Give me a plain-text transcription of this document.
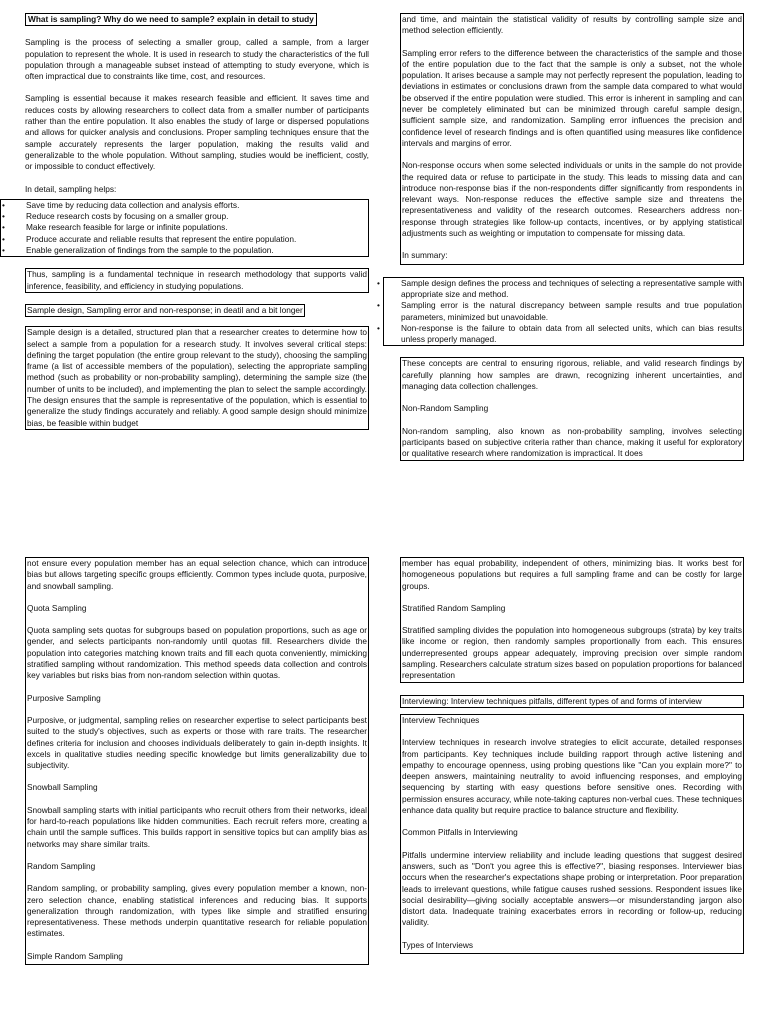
What is sampling? Why do we need to sample? explain in detail to study

Sampling is the process of selecting a smaller group, called a sample, from a larger population to represent the whole. It is used in research to study the characteristics of the full population through a manageable subset instead of attempting to study everyone, which is often impractical due to constraints like time, cost, and resources.

Sampling is essential because it makes research feasible and efficient. It saves time and reduces costs by allowing researchers to collect data from a smaller number of participants rather than the entire population. It also enables the study of large or dispersed populations and allows for quicker analysis and conclusions. Proper sampling techniques ensure that the sample accurately represents the larger population, making the results valid and generalizable to the whole population. Without sampling, studies would be inefficient, costly, or impossible to conduct effectively.

In detail, sampling helps:

• Save time by reducing data collection and analysis efforts.
• Reduce research costs by focusing on a smaller group.
• Make research feasible for large or infinite populations.
• Produce accurate and reliable results that represent the entire population.
• Enable generalization of findings from the sample to the population.
Thus, sampling is a fundamental technique in research methodology that supports valid inference, feasibility, and efficiency in studying populations.
Sample design, Sampling error and non-response; in deatil and a bit longer
Sample design is a detailed, structured plan that a researcher creates to determine how to select a sample from a population for a research study. It involves several critical steps: defining the target population (the entire group relevant to the study), choosing the sampling frame (a list of accessible members of the population), selecting the appropriate sampling method (such as probability or non-probability sampling), determining the sample size (the number of units to be included), and implementing the plan to select the sample accordingly. The design ensures that the sample is representative of the population, which is essential to generalize the study findings accurately and reliably. A good sample design should minimize bias, be feasible within budget

and time, and maintain the statistical validity of results by controlling sample size and method selection efficiently.

Sampling error refers to the difference between the characteristics of the sample and those of the entire population due to the fact that the sample is only a subset, not the whole population. It arises because a sample may not perfectly represent the population, leading to deviations in estimates or conclusions drawn from the sample data compared to what would be observed if the entire population were studied. This error is inherent in sampling and can never be completely eliminated but can be minimized through careful sample design, sufficient sample size, and randomization. Sampling error influences the precision and confidence level of research findings and is often quantified using measures like confidence intervals and margins of error.

Non-response occurs when some selected individuals or units in the sample do not provide the required data or refuse to participate in the study. This leads to missing data and can introduce non-response bias if the non-respondents differ significantly from respondents in relevant ways. Non-response reduces the effective sample size and threatens the representativeness and validity of the research outcomes. Researchers address non-response through strategies like follow-up contacts, incentives, or by applying statistical adjustments such as weighting or imputation to compensate for missing data.

In summary:

• Sample design defines the process and techniques of selecting a representative sample with appropriate size and method.
• Sampling error is the natural discrepancy between sample results and true population parameters, minimized but unavoidable.
• Non-response is the failure to obtain data from all selected units, which can bias results unless properly managed.

These concepts are central to ensuring rigorous, reliable, and valid research findings by carefully planning how samples are drawn, recognizing inherent uncertainties, and managing data collection challenges.

Non-Random Sampling

Non-random sampling, also known as non-probability sampling, involves selecting participants based on subjective criteria rather than chance, making it useful for exploratory or qualitative research where randomization is impractical. It does

not ensure every population member has an equal selection chance, which can introduce bias but allows targeting specific groups efficiently. Common types include quota, purposive, and snowball sampling.

Quota Sampling

Quota sampling sets quotas for subgroups based on population proportions, such as age or gender, and selects participants non-randomly until quotas fill. Researchers divide the population into categories matching known traits and fill each quota conveniently, mimicking stratified sampling without randomization. This method speeds data collection and controls key variables but risks bias from non-random selection within quotas.

Purposive Sampling

Purposive, or judgmental, sampling relies on researcher expertise to select participants best suited to the study's objectives, such as experts or those with rare traits. The researcher defines criteria for inclusion and chooses individuals deliberately to gain in-depth insights. It excels in qualitative studies needing specific knowledge but limits generalizability due to subjectivity.

Snowball Sampling

Snowball sampling starts with initial participants who recruit others from their networks, ideal for hard-to-reach populations like hidden communities. Each recruit refers more, creating a chain until the sample suffices. This builds rapport in sensitive topics but can amplify bias as networks may share similar traits.

Random Sampling

Random sampling, or probability sampling, gives every population member a known, non-zero selection chance, enabling statistical inferences and reducing bias. It supports generalization through randomization, with types like simple and stratified ensuring representativeness. These methods underpin quantitative research for reliable population estimates.

Simple Random Sampling

member has equal probability, independent of others, minimizing bias. It works best for homogeneous populations but requires a full sampling frame and can be costly for large groups.

Stratified Random Sampling

Stratified sampling divides the population into homogeneous subgroups (strata) by key traits like income or region, then randomly samples proportionally from each. This ensures underrepresented groups appear adequately, improving precision over simple random sampling. Researchers calculate stratum sizes based on population proportions for balanced representation

Interviewing: Interview techniques pitfalls, different types of and forms of interview
Interview Techniques

Interview techniques in research involve strategies to elicit accurate, detailed responses from participants. Key techniques include building rapport through active listening and empathy to encourage openness, using probing questions like "Can you explain more?" to deepen answers, maintaining neutrality to avoid influencing responses, and employing sequencing by starting with easy questions before sensitive ones. Recording with permission ensures accuracy, while note-taking captures non-verbal cues. These techniques enhance data quality but require practice to balance structure and flexibility.

Common Pitfalls in Interviewing

Pitfalls undermine interview reliability and include leading questions that suggest desired answers, such as "Don't you agree this is effective?", biasing responses. Interviewer bias occurs when the researcher's expectations shape probing or interpretation. Poor preparation leads to irrelevant questions, while fatigue causes rushed sessions. Respondent issues like social desirability—giving socially acceptable answers—or misunderstanding jargon also distort data. Inadequate training exacerbates errors in recording or follow-up, reducing validity.

Types of Interviews
